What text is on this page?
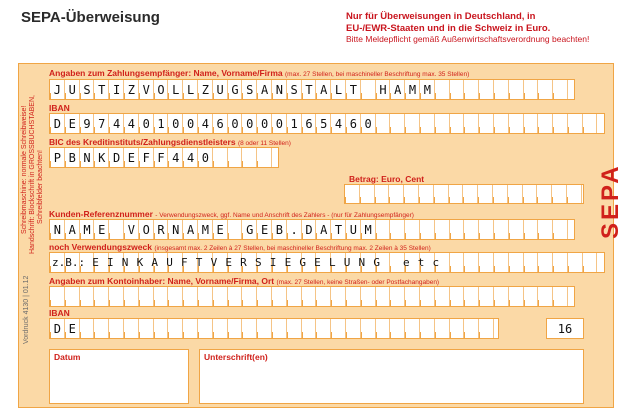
SEPA-Überweisung	Nur für Überweisungen in Deutschland, in
EU-/EWR-Staaten und in die Schweiz in Euro.
Bitte Meldepflicht gemäß Außenwirtschaftsverordnung beachten!
Schreibmaschine: normale Schreibweise! Handschrift: Blockschrift in GROSSBUCHSTABEN, Schreibfelder beachten!
Vordruck 4130 | 01.12
Angaben zum Zahlungsempfänger: Name, Vorname/Firma (max. 27 Stellen, bei maschineller Beschriftung max. 35 Stellen)
J U S T I Z V O L L Z U G S A N S T A L T
	H A M M
IBAN
D E 9 7 4 4 0 1 0 0 4 6 0 0 0 0 1 6 5 4 6 0
BIC des Kreditinstituts/Zahlungsdienstleisters (8 oder 11 Stellen)
P B N K D E F F 4 4 0
Betrag: Euro, Cent
Kunden-Referenznummer - Verwendungszweck, ggf. Name und Anschrift des Zahlers - (nur für Zahlungsempfänger)
N A M E
	V O R N A M E
	G E B . D A T U M
noch Verwendungszweck (insgesamt max. 2 Zeilen à 27 Stellen, bei maschineller Beschriftung max. 2 Zeilen à 35 Stellen)
z.B.: E I N K A U F T V E R S I E G E L U N G
	e t c
Angaben zum Kontoinhaber: Name, Vorname/Firma, Ort (max. 27 Stellen, keine Straßen- oder Postfachangaben)
IBAN
D E	16
Datum	Unterschrift(en)
SEPA
